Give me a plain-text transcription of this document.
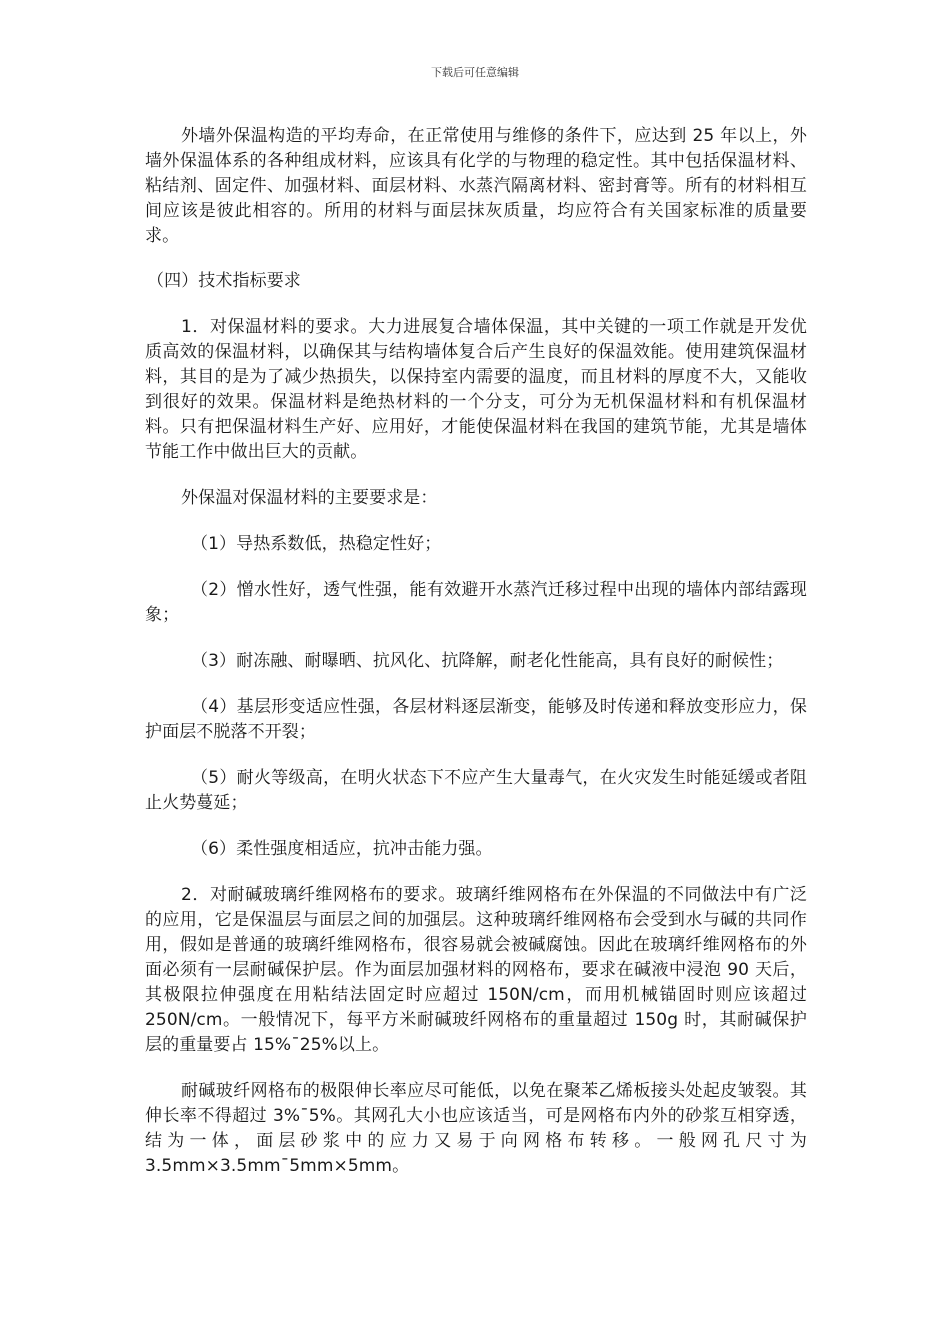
下载后可任意编辑

外墙外保温构造的平均寿命，在正常使用与维修的条件下，应达到 25 年以上，外墙外保温体系的各种组成材料，应该具有化学的与物理的稳定性。其中包括保温材料、粘结剂、固定件、加强材料、面层材料、水蒸汽隔离材料、密封膏等。所有的材料相互间应该是彼此相容的。所用的材料与面层抹灰质量，均应符合有关国家标准的质量要求。

（四）技术指标要求

1．对保温材料的要求。大力进展复合墙体保温，其中关键的一项工作就是开发优质高效的保温材料，以确保其与结构墙体复合后产生良好的保温效能。使用建筑保温材料，其目的是为了减少热损失，以保持室内需要的温度，而且材料的厚度不大，又能收到很好的效果。保温材料是绝热材料的一个分支，可分为无机保温材料和有机保温材料。只有把保温材料生产好、应用好，才能使保温材料在我国的建筑节能，尤其是墙体节能工作中做出巨大的贡献。

外保温对保温材料的主要要求是：

（1）导热系数低，热稳定性好；

（2）憎水性好，透气性强，能有效避开水蒸汽迁移过程中出现的墙体内部结露现象；

（3）耐冻融、耐曝晒、抗风化、抗降解，耐老化性能高，具有良好的耐候性；

（4）基层形变适应性强，各层材料逐层渐变，能够及时传递和释放变形应力，保护面层不脱落不开裂；

（5）耐火等级高，在明火状态下不应产生大量毒气，在火灾发生时能延缓或者阻止火势蔓延；

（6）柔性强度相适应，抗冲击能力强。

2．对耐碱玻璃纤维网格布的要求。玻璃纤维网格布在外保温的不同做法中有广泛的应用，它是保温层与面层之间的加强层。这种玻璃纤维网格布会受到水与碱的共同作用，假如是普通的玻璃纤维网格布，很容易就会被碱腐蚀。因此在玻璃纤维网格布的外面必须有一层耐碱保护层。作为面层加强材料的网格布，要求在碱液中浸泡 90 天后，其极限拉伸强度在用粘结法固定时应超过 150N/cm，而用机械锚固时则应该超过 250N/cm。一般情况下，每平方米耐碱玻纤网格布的重量超过 150g 时，其耐碱保护层的重量要占 15%¯25%以上。

耐碱玻纤网格布的极限伸长率应尽可能低，以免在聚苯乙烯板接头处起皮皱裂。其伸长率不得超过 3%¯5%。其网孔大小也应该适当，可是网格布内外的砂浆互相穿透，结为一体，面层砂浆中的应力又易于向网格布转移。一般网孔尺寸为 3.5mm×3.5mm¯5mm×5mm。
